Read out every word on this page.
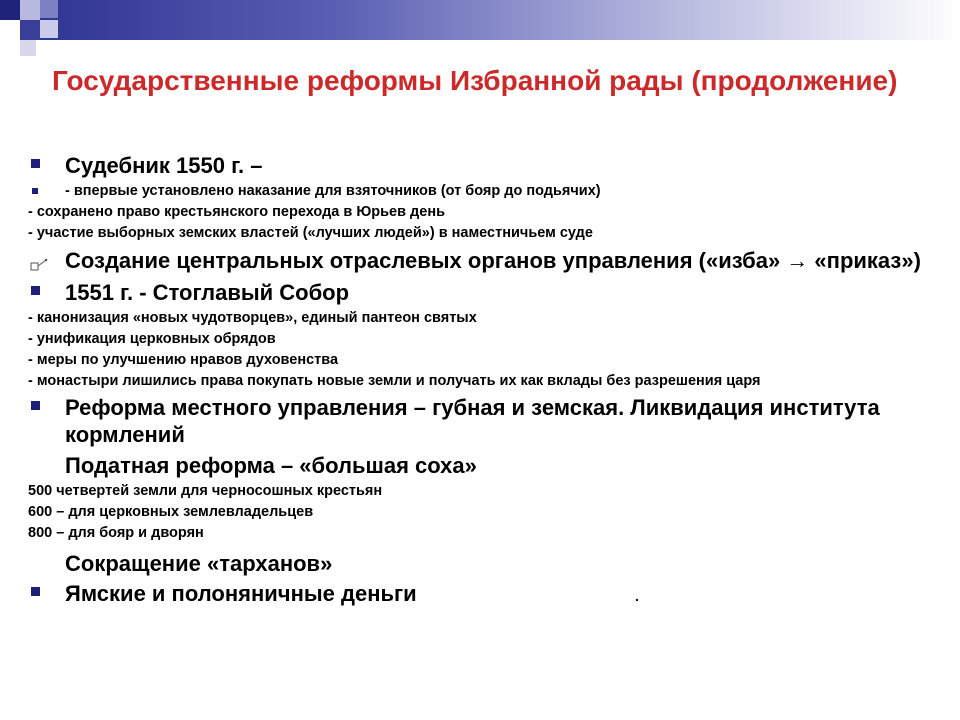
Государственные реформы Избранной рады (продолжение)
Судебник 1550 г. –
- впервые установлено наказание для взяточников (от бояр до подьячих)
- сохранено право крестьянского перехода в Юрьев день
- участие выборных земских властей («лучших людей») в наместничьем суде
Создание центральных отраслевых органов управления («изба» → «приказ»)
1551 г. - Стоглавый Собор
- канонизация «новых чудотворцев», единый пантеон святых
- унификация церковных обрядов
- меры по улучшению нравов духовенства
- монастыри лишились права покупать новые земли и получать их как вклады без разрешения царя
Реформа местного управления – губная и земская. Ликвидация института кормлений
Податная реформа – «большая соха»
500 четвертей земли для черносошных крестьян
600 – для церковных землевладельцев
800 – для бояр и дворян
Сокращение «тарханов»
Ямские и полоняничные деньги	.
